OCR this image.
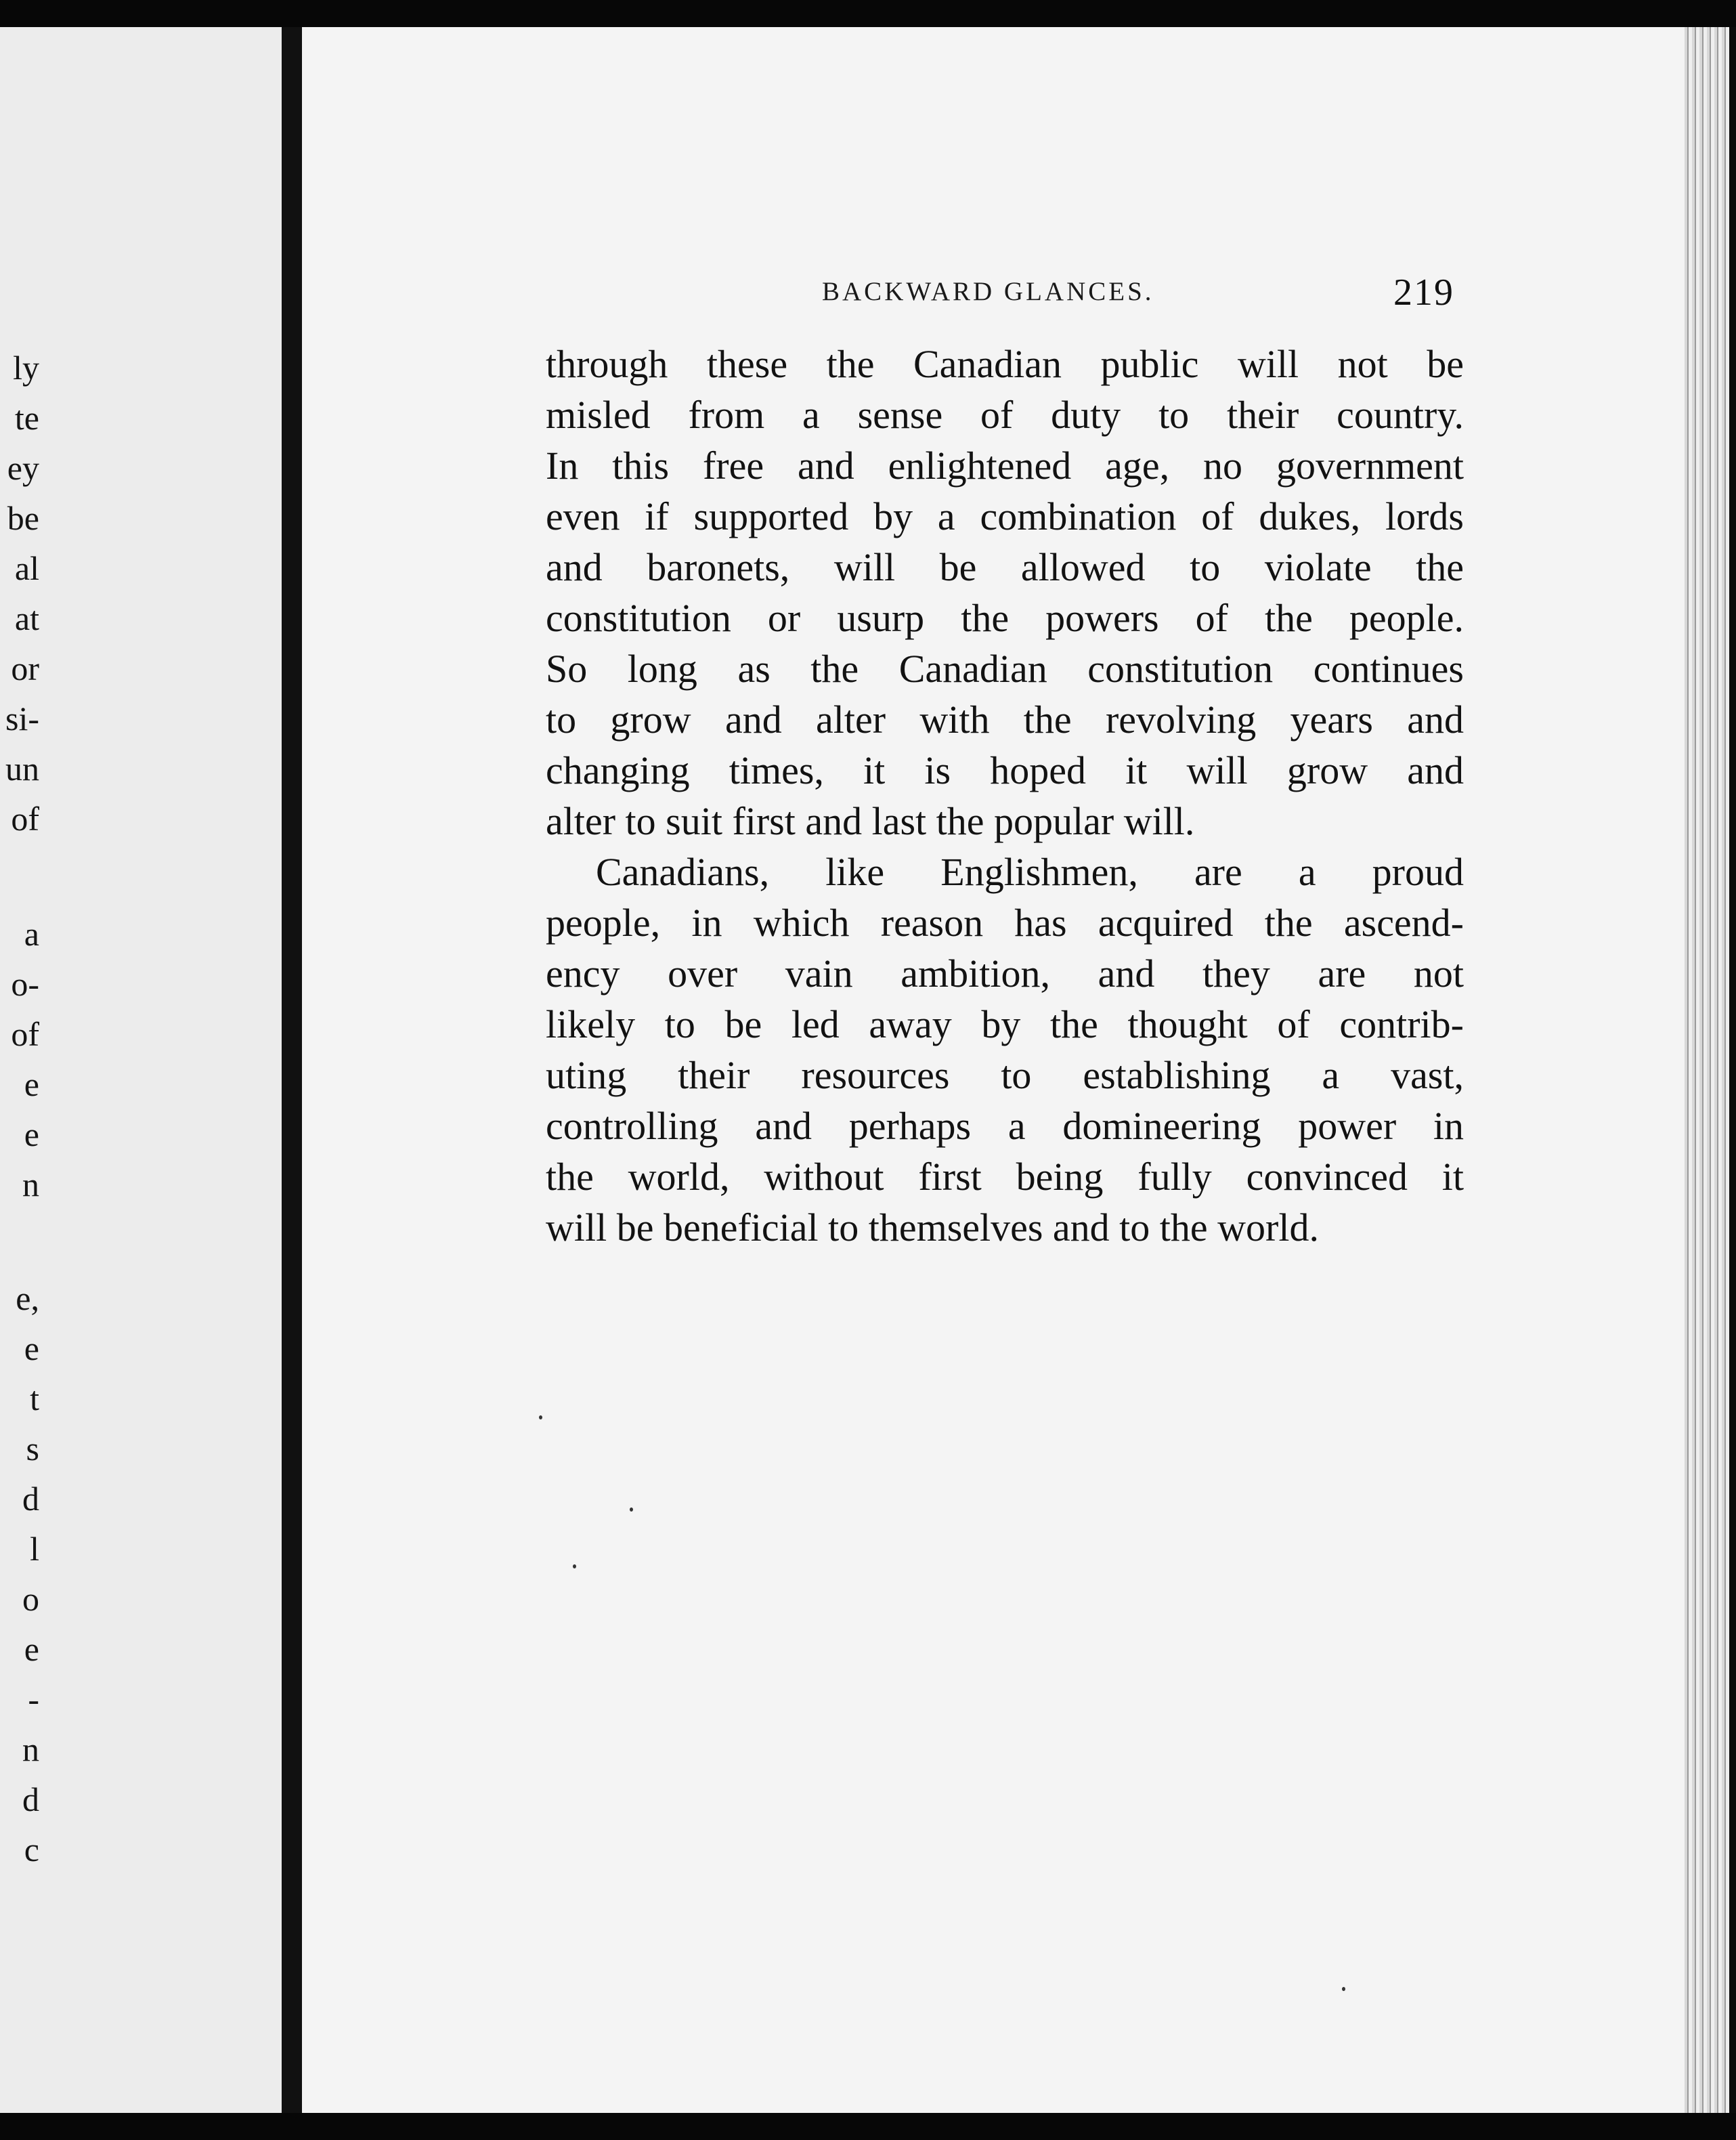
ly
te
ey
be
al
at
or
si-
un
of
a
o-
of
e
e
n
e,
e
t
s
d
l
o
e
-
n
d
c
BACKWARD GLANCES.	219
through these the Canadian public will not be
misled from a sense of duty to their country.
In this free and enlightened age, no government
even if supported by a combination of dukes, lords
and baronets, will be allowed to violate the
constitution or usurp the powers of the people.
So long as the Canadian constitution continues
to grow and alter with the revolving years and
changing times, it is hoped it will grow and
alter to suit first and last the popular will.
Canadians, like Englishmen, are a proud
people, in which reason has acquired the ascend-
ency over vain ambition, and they are not
likely to be led away by the thought of contrib-
uting their resources to establishing a vast,
controlling and perhaps a domineering power in
the world, without first being fully convinced it
will be beneficial to themselves and to the world.
